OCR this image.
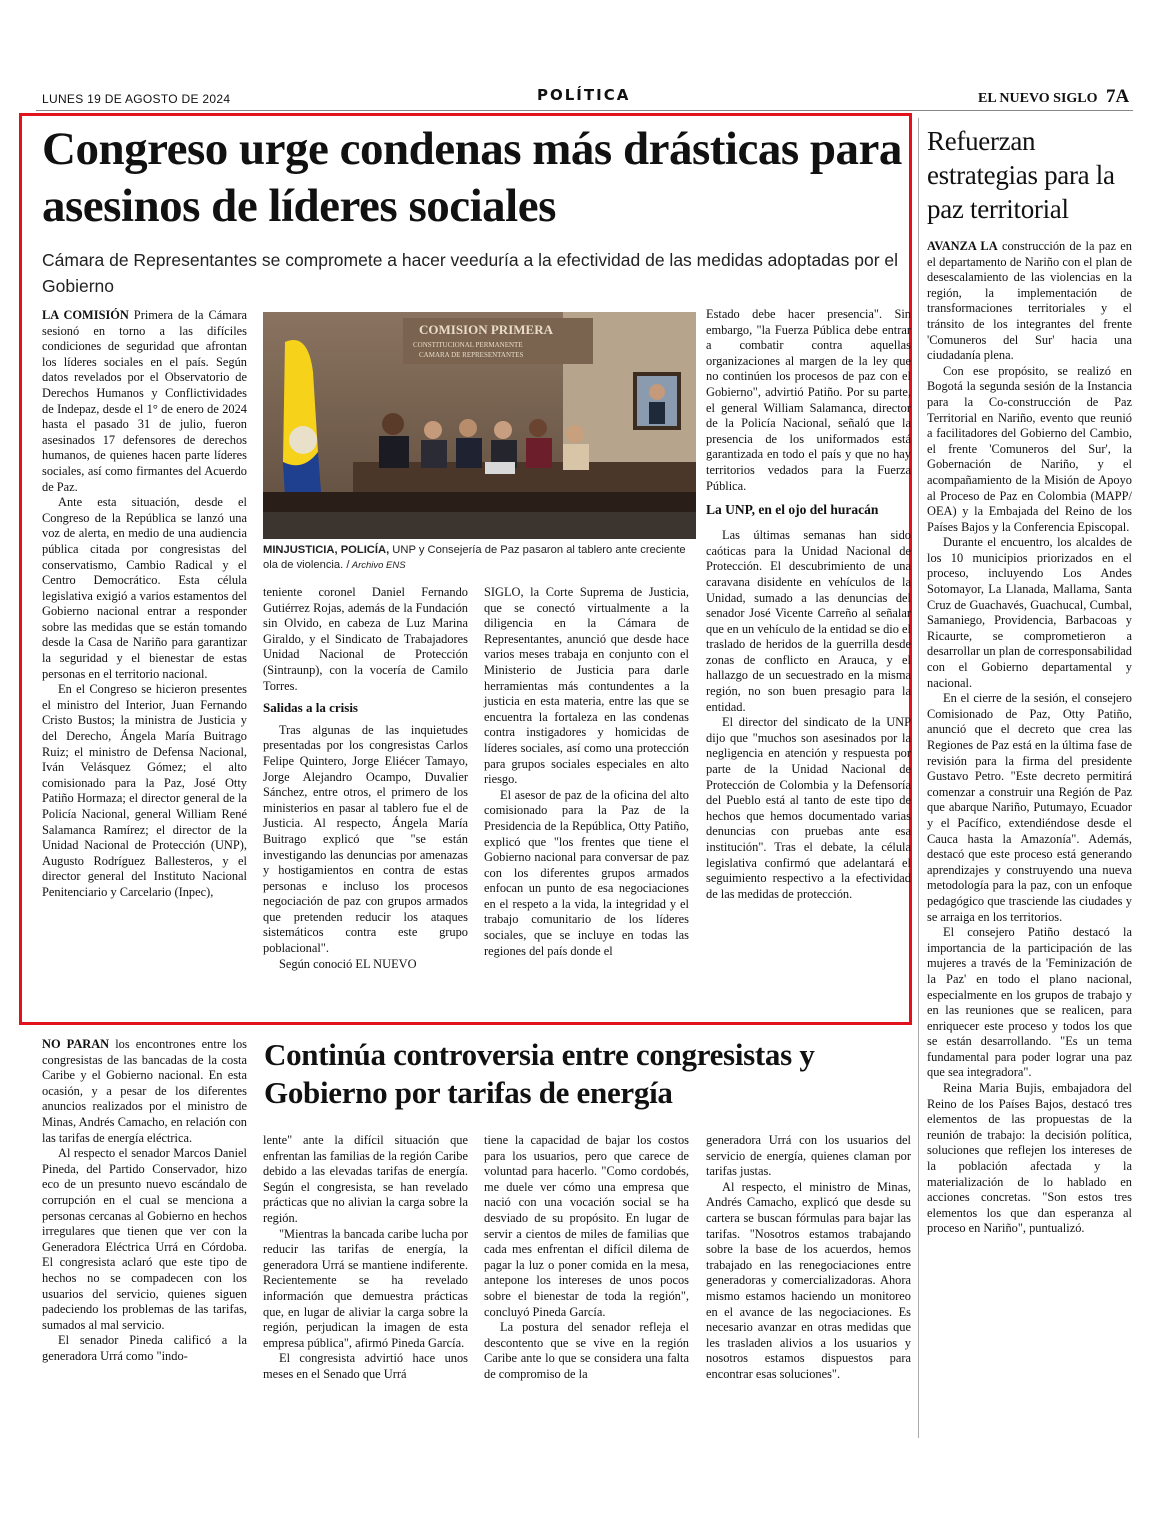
LUNES 19 DE AGOSTO DE 2024	POLÍTICA	EL NUEVO SIGLO 7A
Congreso urge condenas más drásticas para asesinos de líderes sociales
Cámara de Representantes se compromete a hacer veeduría a la efectividad de las medidas adoptadas por el Gobierno

LA COMISIÓN Primera de la Cámara sesionó en torno a las difíciles condiciones de seguridad que afrontan los líderes sociales en el país. Según datos revelados por el Observatorio de Derechos Humanos y Conflictividades de Indepaz, desde el 1° de enero de 2024 hasta el pasado 31 de julio, fueron asesinados 17 defensores de derechos humanos, de quienes hacen parte líderes sociales, así como firmantes del Acuerdo de Paz.

Ante esta situación, desde el Congreso de la República se lanzó una voz de alerta, en medio de una audiencia pública citada por congresistas del conservatismo, Cambio Radical y el Centro Democrático. Esta célula legislativa exigió a varios estamentos del Gobierno nacional entrar a responder sobre las medidas que se están tomando desde la Casa de Nariño para garantizar la seguridad y el bienestar de estas personas en el territorio nacional.

En el Congreso se hicieron presentes el ministro del Interior, Juan Fernando Cristo Bustos; la ministra de Justicia y del Derecho, Ángela María Buitrago Ruiz; el ministro de Defensa Nacional, Iván Velásquez Gómez; el alto comisionado para la Paz, José Otty Patiño Hormaza; el director general de la Policía Nacional, general William René Salamanca Ramírez; el director de la Unidad Nacional de Protección (UNP), Augusto Rodríguez Ballesteros, y el director general del Instituto Nacional Penitenciario y Carcelario (Inpec),

COMISION PRIMERA
CONSTITUCIONAL PERMANENTE
CAMARA DE REPRESENTANTES
MINJUSTICIA, POLICÍA, UNP y Consejería de Paz pasaron al tablero ante creciente ola de violencia. / Archivo ENS

teniente coronel Daniel Fernando Gutiérrez Rojas, además de la Fundación sin Olvido, en cabeza de Luz Marina Giraldo, y el Sindicato de Trabajadores Unidad Nacional de Protección (Sintraunp), con la vocería de Camilo Torres.

Salidas a la crisis

Tras algunas de las inquietudes presentadas por los congresistas Carlos Felipe Quintero, Jorge Eliécer Tamayo, Jorge Alejandro Ocampo, Duvalier Sánchez, entre otros, el primero de los ministerios en pasar al tablero fue el de Justicia. Al respecto, Ángela María Buitrago explicó que "se están investigando las denuncias por amenazas y hostigamientos en contra de estas personas e incluso los procesos negociación de paz con grupos armados que pretenden reducir los ataques sistemáticos contra este grupo poblacional".

Según conoció EL NUEVO

SIGLO, la Corte Suprema de Justicia, que se conectó virtualmente a la diligencia en la Cámara de Representantes, anunció que desde hace varios meses trabaja en conjunto con el Ministerio de Justicia para darle herramientas más contundentes a la justicia en esta materia, entre las que se encuentra la fortaleza en las condenas contra instigadores y homicidas de líderes sociales, así como una protección para grupos sociales especiales en alto riesgo.

El asesor de paz de la oficina del alto comisionado para la Paz de la Presidencia de la República, Otty Patiño, explicó que "los frentes que tiene el Gobierno nacional para conversar de paz con los diferentes grupos armados enfocan un punto de esa negociaciones en el respeto a la vida, la integridad y el trabajo comunitario de los líderes sociales, que se incluye en todas las regiones del país donde el

Estado debe hacer presencia". Sin embargo, "la Fuerza Pública debe entrar a combatir contra aquellas organizaciones al margen de la ley que no continúen los procesos de paz con el Gobierno", advirtió Patiño. Por su parte, el general William Salamanca, director de la Policía Nacional, señaló que la presencia de los uniformados está garantizada en todo el país y que no hay territorios vedados para la Fuerza Pública.

La UNP, en el ojo del huracán

Las últimas semanas han sido caóticas para la Unidad Nacional de Protección. El descubrimiento de una caravana disidente en vehículos de la Unidad, sumado a las denuncias del senador José Vicente Carreño al señalar que en un vehículo de la entidad se dio el traslado de heridos de la guerrilla desde zonas de conflicto en Arauca, y el hallazgo de un secuestrado en la misma región, no son buen presagio para la entidad.

El director del sindicato de la UNP dijo que "muchos son asesinados por la negligencia en atención y respuesta por parte de la Unidad Nacional de Protección de Colombia y la Defensoría del Pueblo está al tanto de este tipo de hechos que hemos documentado varias denuncias con pruebas ante esa institución". Tras el debate, la célula legislativa confirmó que adelantará el seguimiento respectivo a la efectividad de las medidas de protección.

Refuerzan estrategias para la paz territorial

AVANZA LA construcción de la paz en el departamento de Nariño con el plan de desescalamiento de las violencias en la región, la implementación de transformaciones territoriales y el tránsito de los integrantes del frente 'Comuneros del Sur' hacia una ciudadanía plena.

Con ese propósito, se realizó en Bogotá la segunda sesión de la Instancia para la Co-construcción de Paz Territorial en Nariño, evento que reunió a facilitadores del Gobierno del Cambio, el frente 'Comuneros del Sur', la Gobernación de Nariño, y el acompañamiento de la Misión de Apoyo al Proceso de Paz en Colombia (MAPP/ OEA) y la Embajada del Reino de los Países Bajos y la Conferencia Episcopal.

Durante el encuentro, los alcaldes de los 10 municipios priorizados en el proceso, incluyendo Los Andes Sotomayor, La Llanada, Mallama, Santa Cruz de Guachavés, Guachucal, Cumbal, Samaniego, Providencia, Barbacoas y Ricaurte, se comprometieron a desarrollar un plan de corresponsabilidad con el Gobierno departamental y nacional.

En el cierre de la sesión, el consejero Comisionado de Paz, Otty Patiño, anunció que el decreto que crea las Regiones de Paz está en la última fase de revisión para la firma del presidente Gustavo Petro. "Este decreto permitirá comenzar a construir una Región de Paz que abarque Nariño, Putumayo, Ecuador y el Pacífico, extendiéndose desde el Cauca hasta la Amazonía". Además, destacó que este proceso está generando aprendizajes y construyendo una nueva metodología para la paz, con un enfoque pedagógico que trasciende las ciudades y se arraiga en los territorios.

El consejero Patiño destacó la importancia de la participación de las mujeres a través de la 'Feminización de la Paz' en todo el plano nacional, especialmente en los grupos de trabajo y en las reuniones que se realicen, para enriquecer este proceso y todos los que se están desarrollando. "Es un tema fundamental para poder lograr una paz que sea integradora".

Reina Maria Bujis, embajadora del Reino de los Países Bajos, destacó tres elementos de las propuestas de la reunión de trabajo: la decisión política, soluciones que reflejen los intereses de la población afectada y la materialización de lo hablado en acciones concretas. "Son estos tres elementos los que dan esperanza al proceso en Nariño", puntualizó.

Continúa controversia entre congresistas y Gobierno por tarifas de energía

NO PARAN los encontrones entre los congresistas de las bancadas de la costa Caribe y el Gobierno nacional. En esta ocasión, y a pesar de los diferentes anuncios realizados por el ministro de Minas, Andrés Camacho, en relación con las tarifas de energía eléctrica.

Al respecto el senador Marcos Daniel Pineda, del Partido Conservador, hizo eco de un presunto nuevo escándalo de corrupción en el cual se menciona a personas cercanas al Gobierno en hechos irregulares que tienen que ver con la Generadora Eléctrica Urrá en Córdoba. El congresista aclaró que este tipo de hechos no se compadecen con los usuarios del servicio, quienes siguen padeciendo los problemas de las tarifas, sumados al mal servicio.

El senador Pineda calificó a la generadora Urrá como "indo-

lente" ante la difícil situación que enfrentan las familias de la región Caribe debido a las elevadas tarifas de energía. Según el congresista, se han revelado prácticas que no alivian la carga sobre la región.

"Mientras la bancada caribe lucha por reducir las tarifas de energía, la generadora Urrá se mantiene indiferente. Recientemente se ha revelado información que demuestra prácticas que, en lugar de aliviar la carga sobre la región, perjudican la imagen de esta empresa pública", afirmó Pineda García.

El congresista advirtió hace unos meses en el Senado que Urrá

tiene la capacidad de bajar los costos para los usuarios, pero que carece de voluntad para hacerlo. "Como cordobés, me duele ver cómo una empresa que nació con una vocación social se ha desviado de su propósito. En lugar de servir a cientos de miles de familias que cada mes enfrentan el difícil dilema de pagar la luz o poner comida en la mesa, antepone los intereses de unos pocos sobre el bienestar de toda la región", concluyó Pineda García.

La postura del senador refleja el descontento que se vive en la región Caribe ante lo que se considera una falta de compromiso de la

generadora Urrá con los usuarios del servicio de energía, quienes claman por tarifas justas.

Al respecto, el ministro de Minas, Andrés Camacho, explicó que desde su cartera se buscan fórmulas para bajar las tarifas. "Nosotros estamos trabajando sobre la base de los acuerdos, hemos trabajado en las renegociaciones entre generadoras y comercializadoras. Ahora mismo estamos haciendo un monitoreo en el avance de las negociaciones. Es necesario avanzar en otras medidas que les trasladen alivios a los usuarios y nosotros estamos dispuestos para encontrar esas soluciones".
